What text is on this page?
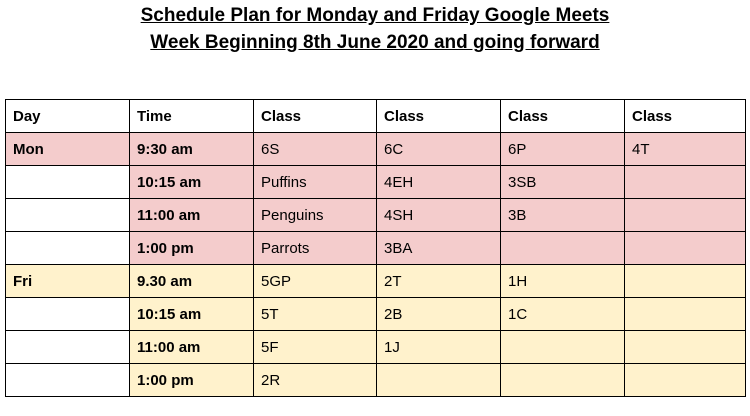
Schedule Plan for Monday and Friday Google Meets
Week Beginning 8th June 2020 and going forward
Day	Time	Class	Class	Class	Class
Mon	9:30 am	6S	6C	6P	4T
	10:15 am	Puffins	4EH	3SB	
	11:00 am	Penguins	4SH	3B	
	1:00 pm	Parrots	3BA		
Fri	9.30 am	5GP	2T	1H	
	10:15 am	5T	2B	1C	
	11:00 am	5F	1J		
	1:00 pm	2R			
